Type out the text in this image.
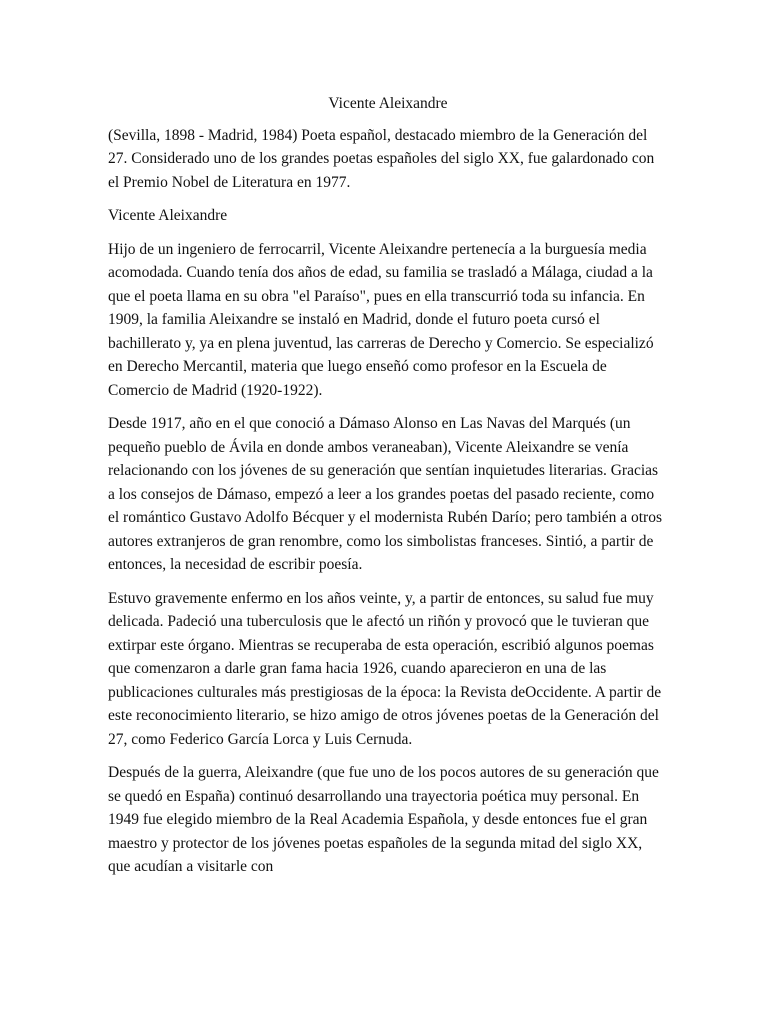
Vicente Aleixandre

(Sevilla, 1898 - Madrid, 1984) Poeta español, destacado miembro de la Generación del 27. Considerado uno de los grandes poetas españoles del siglo XX, fue galardonado con el Premio Nobel de Literatura en 1977.

Vicente Aleixandre

Hijo de un ingeniero de ferrocarril, Vicente Aleixandre pertenecía a la burguesía media acomodada. Cuando tenía dos años de edad, su familia se trasladó a Málaga, ciudad a la que el poeta llama en su obra "el Paraíso", pues en ella transcurrió toda su infancia. En 1909, la familia Aleixandre se instaló en Madrid, donde el futuro poeta cursó el bachillerato y, ya en plena juventud, las carreras de Derecho y Comercio. Se especializó en Derecho Mercantil, materia que luego enseñó como profesor en la Escuela de Comercio de Madrid (1920-1922).

Desde 1917, año en el que conoció a Dámaso Alonso en Las Navas del Marqués (un pequeño pueblo de Ávila en donde ambos veraneaban), Vicente Aleixandre se venía relacionando con los jóvenes de su generación que sentían inquietudes literarias. Gracias a los consejos de Dámaso, empezó a leer a los grandes poetas del pasado reciente, como el romántico Gustavo Adolfo Bécquer y el modernista Rubén Darío; pero también a otros autores extranjeros de gran renombre, como los simbolistas franceses. Sintió, a partir de entonces, la necesidad de escribir poesía.

Estuvo gravemente enfermo en los años veinte, y, a partir de entonces, su salud fue muy delicada. Padeció una tuberculosis que le afectó un riñón y provocó que le tuvieran que extirpar este órgano. Mientras se recuperaba de esta operación, escribió algunos poemas que comenzaron a darle gran fama hacia 1926, cuando aparecieron en una de las publicaciones culturales más prestigiosas de la época: la Revista deOccidente. A partir de este reconocimiento literario, se hizo amigo de otros jóvenes poetas de la Generación del 27, como Federico García Lorca y Luis Cernuda.

Después de la guerra, Aleixandre (que fue uno de los pocos autores de su generación que se quedó en España) continuó desarrollando una trayectoria poética muy personal. En 1949 fue elegido miembro de la Real Academia Española, y desde entonces fue el gran maestro y protector de los jóvenes poetas españoles de la segunda mitad del siglo XX, que acudían a visitarle con
